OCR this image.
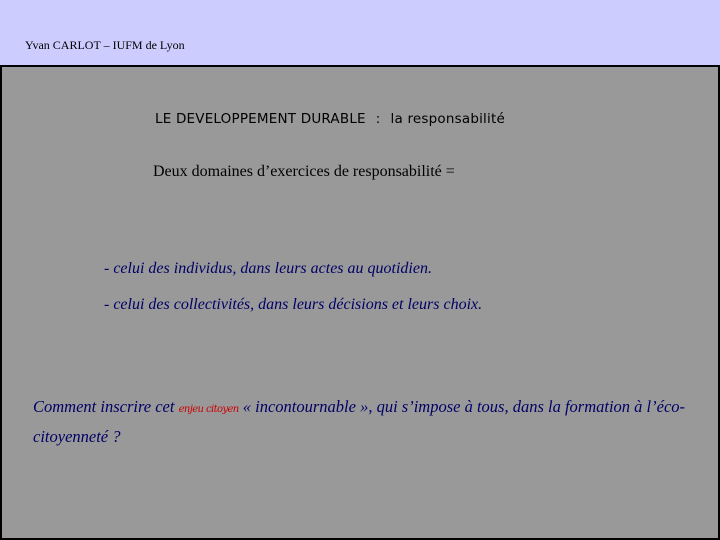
Yvan CARLOT – IUFM de Lyon
LE DEVELOPPEMENT DURABLE : la responsabilité
Deux domaines d’exercices de responsabilité =
- celui des individus, dans leurs actes au quotidien.
- celui des collectivités, dans leurs décisions et leurs choix.
Comment inscrire cet enjeu citoyen « incontournable », qui s’impose à tous, dans la formation à l’éco-citoyenneté ?
